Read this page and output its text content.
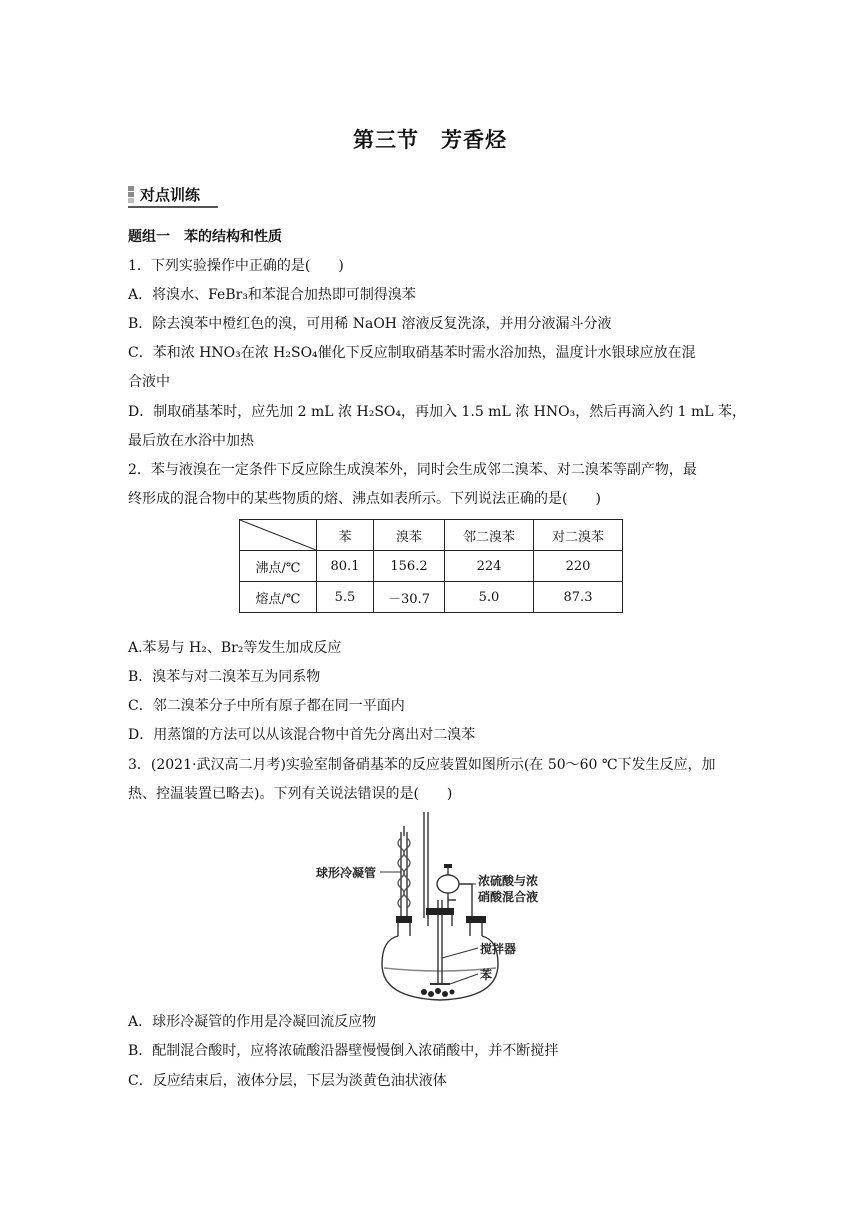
第三节 芳香烃
对点训练
题组一　苯的结构和性质
1．下列实验操作中正确的是(　　)
A．将溴水、FeBr₃和苯混合加热即可制得溴苯
B．除去溴苯中橙红色的溴，可用稀 NaOH 溶液反复洗涤，并用分液漏斗分液
C．苯和浓 HNO₃在浓 H₂SO₄催化下反应制取硝基苯时需水浴加热，温度计水银球应放在混
合液中
D．制取硝基苯时，应先加 2 mL 浓 H₂SO₄，再加入 1.5 mL 浓 HNO₃，然后再滴入约 1 mL 苯，
最后放在水浴中加热
2．苯与液溴在一定条件下反应除生成溴苯外，同时会生成邻二溴苯、对二溴苯等副产物，最
终形成的混合物中的某些物质的熔、沸点如表所示。下列说法正确的是(　　)
	苯	溴苯	邻二溴苯	对二溴苯
沸点/℃	80.1	156.2	224	220
熔点/℃	5.5	－30.7	5.0	87.3
A.苯易与 H₂、Br₂等发生加成反应
B．溴苯与对二溴苯互为同系物
C．邻二溴苯分子中所有原子都在同一平面内
D．用蒸馏的方法可以从该混合物中首先分离出对二溴苯
3．(2021·武汉高二月考)实验室制备硝基苯的反应装置如图所示(在 50～60 ℃下发生反应，加
热、控温装置已略去)。下列有关说法错误的是(　　)
球形冷凝管
浓硫酸与浓
硝酸混合液
搅拌器
苯
A．球形冷凝管的作用是冷凝回流反应物
B．配制混合酸时，应将浓硫酸沿器壁慢慢倒入浓硝酸中，并不断搅拌
C．反应结束后，液体分层，下层为淡黄色油状液体
